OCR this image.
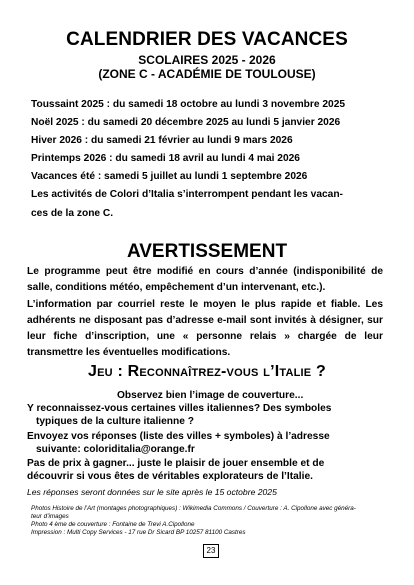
CALENDRIER DES VACANCES
SCOLAIRES 2025 - 2026
(ZONE C - ACADÉMIE DE TOULOUSE)
Toussaint 2025 : du samedi 18 octobre au lundi 3 novembre 2025
Noël 2025 : du samedi 20 décembre 2025 au lundi 5 janvier 2026
Hiver 2026 : du samedi 21 février au lundi 9 mars 2026
Printemps 2026 : du samedi 18 avril au lundi 4 mai 2026
Vacances été : samedi 5 juillet au lundi 1 septembre 2026
Les activités de Colori d’Italia s’interrompent pendant les vacan-
ces de la zone C.
AVERTISSEMENT
Le programme peut être modifié en cours d’année (indisponibilité de salle, conditions météo, empêchement d’un intervenant, etc.).
L’information par courriel reste le moyen le plus rapide et fiable. Les adhérents ne disposant pas d’adresse e-mail sont invités à désigner, sur leur fiche d’inscription, une « personne relais » chargée de leur transmettre les éventuelles modifications.
Jeu : Reconnaîtrez-vous l’Italie ?
Observez bien l’image de couverture...
Y reconnaissez-vous certaines villes italiennes? Des symboles
typiques de la culture italienne ?
Envoyez vos réponses (liste des villes + symboles) à l’adresse
suivante: coloriditalia@orange.fr
Pas de prix à gagner... juste le plaisir de jouer ensemble et de
découvrir si vous êtes de véritables explorateurs de l’Italie.
Les réponses seront données sur le site après le 15 octobre 2025
Photos Histoire de l’Art (montages photographiques) : Wikimedia Commons / Couverture : A. Cipollone avec généra-
teur d’images
Photo 4 ème de couverture : Fontaine de Trevi A.Cipollone
Impression : Multi Copy Services - 17 rue Dr Sicard BP 10257 81100 Castres
23
